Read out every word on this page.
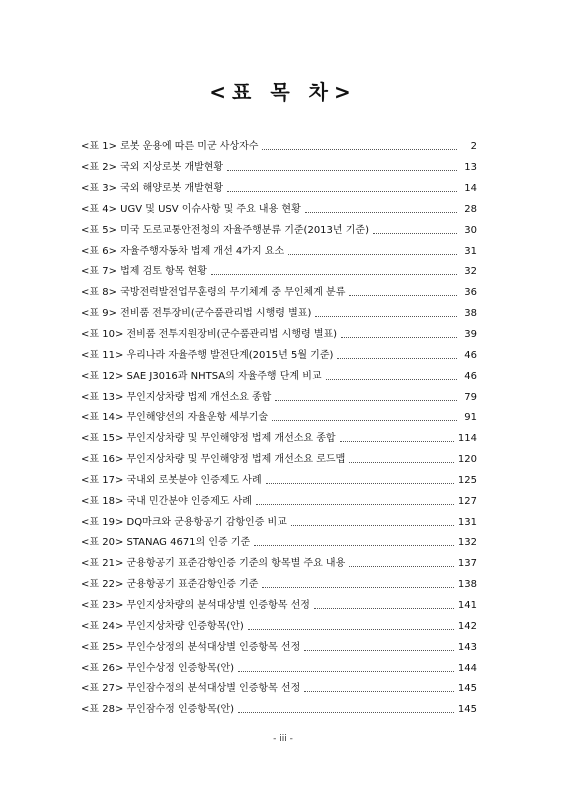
<표 목 차>
<표 1> 로봇 운용에 따른 미군 사상자수	2
<표 2> 국외 지상로봇 개발현황	13
<표 3> 국외 해양로봇 개발현황	14
<표 4> UGV 및 USV 이슈사항 및 주요 내용 현황	28
<표 5> 미국 도로교통안전청의 자율주행분류 기준(2013년 기준)	30
<표 6> 자율주행자동차 법제 개선 4가지 요소	31
<표 7> 법제 검토 항목 현황	32
<표 8> 국방전력발전업무훈령의 무기체계 중 무인체계 분류	36
<표 9> 전비품 전투장비(군수품관리법 시행령 별표)	38
<표 10> 전비품 전투지원장비(군수품관리법 시행령 별표)	39
<표 11> 우리나라 자율주행 발전단계(2015년 5월 기준)	46
<표 12> SAE J3016과 NHTSA의 자율주행 단계 비교	46
<표 13> 무인지상차량 법제 개선소요 종합	79
<표 14> 무인해양선의 자율운항 세부기술	91
<표 15> 무인지상차량 및 무인해양정 법제 개선소요 종합	114
<표 16> 무인지상차량 및 무인해양정 법제 개선소요 로드맵	120
<표 17> 국내외 로봇분야 인증제도 사례	125
<표 18> 국내 민간분야 인증제도 사례	127
<표 19> DQ마크와 군용항공기 감항인증 비교	131
<표 20> STANAG 4671의 인증 기준	132
<표 21> 군용항공기 표준감항인증 기준의 항목별 주요 내용	137
<표 22> 군용항공기 표준감항인증 기준	138
<표 23> 무인지상차량의 분석대상별 인증항목 선정	141
<표 24> 무인지상차량 인증항목(안)	142
<표 25> 무인수상정의 분석대상별 인증항목 선정	143
<표 26> 무인수상정 인증항목(안)	144
<표 27> 무인잠수정의 분석대상별 인증항목 선정	145
<표 28> 무인잠수정 인증항목(안)	145
- iii -
